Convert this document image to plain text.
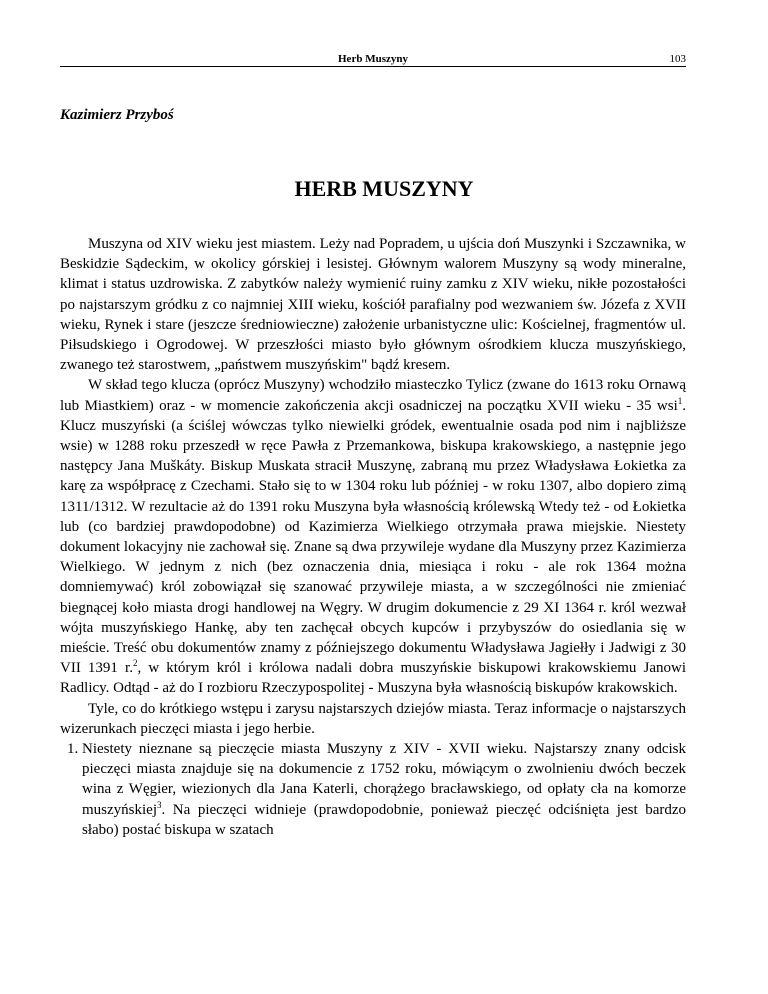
Herb Muszyny	103
Kazimierz Przyboś
HERB MUSZYNY

Muszyna od XIV wieku jest miastem. Leży nad Popradem, u ujścia doń Muszynki i Szczawnika, w Beskidzie Sądeckim, w okolicy górskiej i lesistej. Głównym walorem Muszyny są wody mineralne, klimat i status uzdrowiska. Z zabytków należy wymienić ruiny zamku z XIV wieku, nikłe pozostałości po najstarszym gródku z co najmniej XIII wieku, kościół parafialny pod wezwaniem św. Józefa z XVII wieku, Rynek i stare (jeszcze średniowieczne) założenie urbanistyczne ulic: Kościelnej, fragmentów ul. Piłsudskiego i Ogrodowej. W przeszłości miasto było głównym ośrodkiem klucza muszyńskiego, zwanego też starostwem, „państwem muszyńskim" bądź kresem.

W skład tego klucza (oprócz Muszyny) wchodziło miasteczko Tylicz (zwane do 1613 roku Ornawą lub Miastkiem) oraz - w momencie zakończenia akcji osadniczej na początku XVII wieku - 35 wsi$^1$. Klucz muszyński (a ściślej wówczas tylko niewielki gródek, ewentualnie osada pod nim i najbliższe wsie) w 1288 roku przeszedł w ręce Pawła z Przemankowa, biskupa krakowskiego, a następnie jego następcy Jana Muškáty. Biskup Muskata stracił Muszynę, zabraną mu przez Władysława Łokietka za karę za współpracę z Czechami. Stało się to w 1304 roku lub później - w roku 1307, albo dopiero zimą 1311/1312. W rezultacie aż do 1391 roku Muszyna była własnością królewską Wtedy też - od Łokietka lub (co bardziej prawdopodobne) od Kazimierza Wielkiego otrzymała prawa miejskie. Niestety dokument lokacyjny nie zachował się. Znane są dwa przywileje wydane dla Muszyny przez Kazimierza Wielkiego. W jednym z nich (bez oznaczenia dnia, miesiąca i roku - ale rok 1364 można domniemywać) król zobowiązał się szanować przywileje miasta, a w szczególności nie zmieniać biegnącej koło miasta drogi handlowej na Węgry. W drugim dokumencie z 29 XI 1364 r. król wezwał wójta muszyńskiego Hankę, aby ten zachęcał obcych kupców i przybyszów do osiedlania się w mieście. Treść obu dokumentów znamy z późniejszego dokumentu Władysława Jagiełły i Jadwigi z 30 VII 1391 r.$^2$, w którym król i królowa nadali dobra muszyńskie biskupowi krakowskiemu Janowi Radlicy. Odtąd - aż do I rozbioru Rzeczypospolitej - Muszyna była własnością biskupów krakowskich.

Tyle, co do krótkiego wstępu i zarysu najstarszych dziejów miasta. Teraz informacje o najstarszych wizerunkach pieczęci miasta i jego herbie.

1. Niestety nieznane są pieczęcie miasta Muszyny z XIV - XVII wieku. Najstarszy znany odcisk pieczęci miasta znajduje się na dokumencie z 1752 roku, mówiącym o zwolnieniu dwóch beczek wina z Węgier, wiezionych dla Jana Katerli, chorążego bracławskiego, od opłaty cła na komorze muszyńskiej$^3$. Na pieczęci widnieje (prawdopodobnie, ponieważ pieczęć odciśnięta jest bardzo słabo) postać biskupa w szatach
